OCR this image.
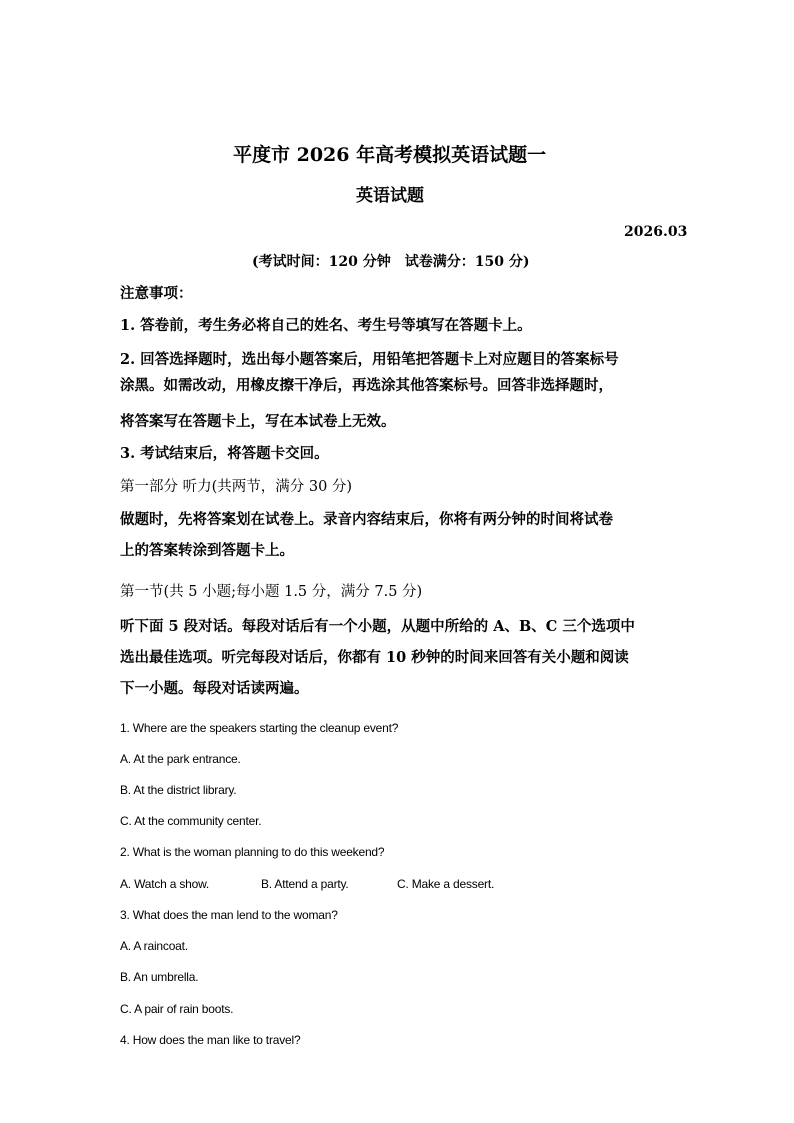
平度市 2026 年高考模拟英语试题一
英语试题
2026.03
(考试时间：120 分钟　试卷满分：150 分)
注意事项：
1. 答卷前，考生务必将自己的姓名、考生号等填写在答题卡上。
2. 回答选择题时，选出每小题答案后，用铅笔把答题卡上对应题目的答案标号
涂黑。如需改动，用橡皮擦干净后，再选涂其他答案标号。回答非选择题时，
将答案写在答题卡上，写在本试卷上无效。
3. 考试结束后，将答题卡交回。
第一部分 听力(共两节，满分 30 分)
做题时，先将答案划在试卷上。录音内容结束后，你将有两分钟的时间将试卷
上的答案转涂到答题卡上。
第一节(共 5 小题;每小题 1.5 分，满分 7.5 分)
听下面 5 段对话。每段对话后有一个小题，从题中所给的 A、B、C 三个选项中
选出最佳选项。听完每段对话后，你都有 10 秒钟的时间来回答有关小题和阅读
下一小题。每段对话读两遍。
1. Where are the speakers starting the cleanup event?
A. At the park entrance.
B. At the district library.
C. At the community center.
2. What is the woman planning to do this weekend?
A. Watch a show.	B. Attend a party.	C. Make a dessert.
3. What does the man lend to the woman?
A. A raincoat.
B. An umbrella.
C. A pair of rain boots.
4. How does the man like to travel?
